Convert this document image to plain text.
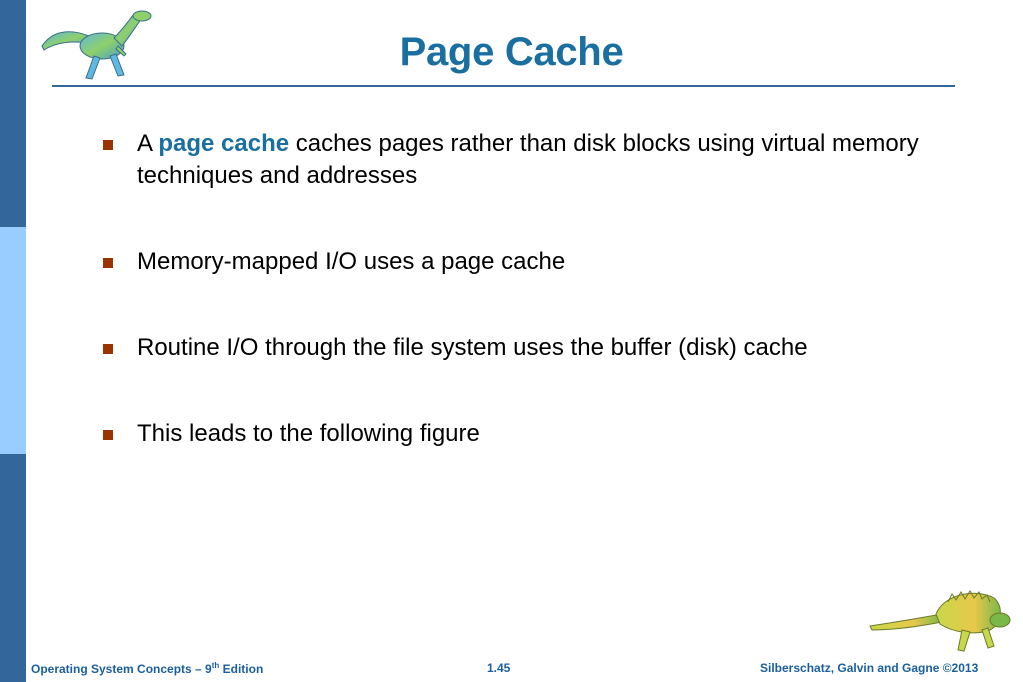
Page Cache
A page cache caches pages rather than disk blocks using virtual memory techniques and addresses
Memory-mapped I/O uses a page cache
Routine I/O through the file system uses the buffer (disk) cache
This leads to the following figure
Operating System Concepts – 9th Edition	1.45	Silberschatz, Galvin and Gagne ©2013
